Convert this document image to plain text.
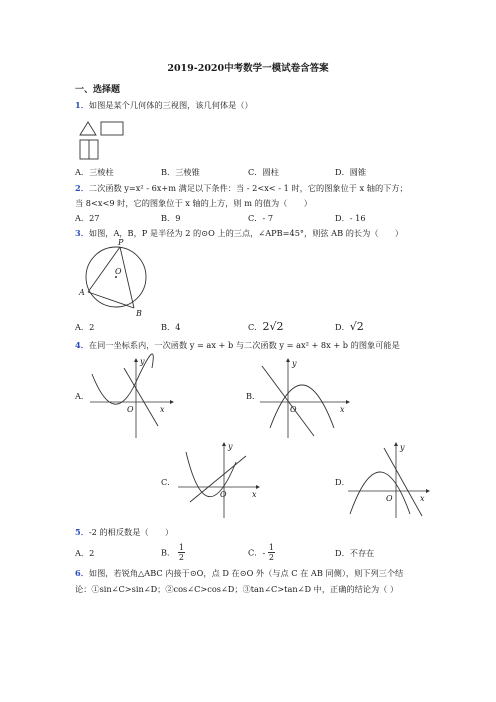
2019-2020中考数学一模试卷含答案
一、选择题
1．如图是某个几何体的三视图，该几何体是（）
A．三棱柱	B．三棱锥	C．圆柱	D．圆锥
2．二次函数 y=x² - 6x+m 满足以下条件：当 - 2<x< - 1 时，它的图象位于 x 轴的下方；
当 8<x<9 时，它的图象位于 x 轴的上方，则 m 的值为（　　）
A．27	B．9	C．- 7	D．- 16
3．如图，A，B，P 是半径为 2 的⊙O 上的三点，∠APB=45°，则弦 AB 的长为（　　）
P
O
A
B
A．2	B．4	C．2√2	D．√2
4．在同一坐标系内，一次函数 y = ax + b 与二次函数 y = ax² + 8x + b 的图象可能是
A．
y
x
O
B．
y
x
O
C．
y
x
O
D．
y
x
O
5．-2 的相反数是（　　）
A．2	B． $\frac{1}{2}$	C．- $\frac{1}{2}$	D．不存在
6．如图，若锐角△ABC 内接于⊙O，点 D 在⊙O 外（与点 C 在 AB 同侧），则下列三个结
论：①sin∠C>sin∠D；②cos∠C>cos∠D；③tan∠C>tan∠D 中，正确的结论为（ ）
